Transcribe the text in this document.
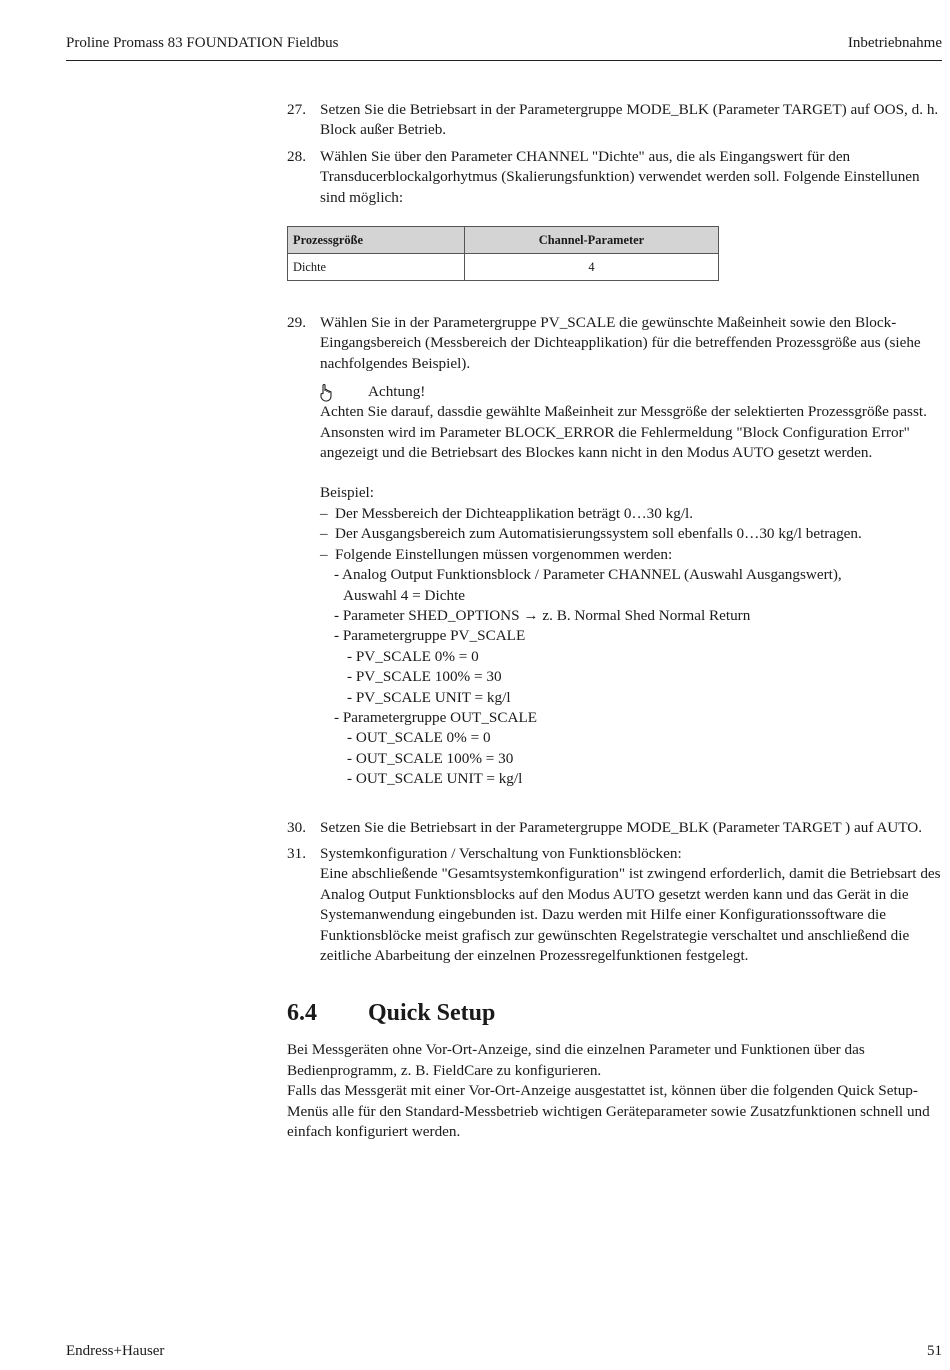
Proline Promass 83 FOUNDATION Fieldbus	Inbetriebnahme
27. Setzen Sie die Betriebsart in der Parametergruppe MODE_BLK (Parameter TARGET) auf OOS, d. h. Block außer Betrieb.

28. Wählen Sie über den Parameter CHANNEL "Dichte" aus, die als Eingangswert für den Transducerblockalgorhytmus (Skalierungsfunktion) verwendet werden soll. Folgende Einstellunen sind möglich:

Prozessgröße	Channel-Parameter
Dichte	4
29. Wählen Sie in der Parametergruppe PV_SCALE die gewünschte Maßeinheit sowie den Block-Eingangsbereich (Messbereich der Dichteapplikation) für die betreffenden Prozessgröße aus (siehe nachfolgendes Beispiel).

Achtung!

Achten Sie darauf, dassdie gewählte Maßeinheit zur Messgröße der selektierten Prozessgröße passt. Ansonsten wird im Parameter BLOCK_ERROR die Fehlermeldung "Block Configuration Error" angezeigt und die Betriebsart des Blockes kann nicht in den Modus AUTO gesetzt werden.

Beispiel:

– Der Messbereich der Dichteapplikation beträgt 0…30 kg/l.
– Der Ausgangsbereich zum Automatisierungssystem soll ebenfalls 0…30 kg/l betragen.
– Folgende Einstellungen müssen vorgenommen werden:
- Analog Output Funktionsblock / Parameter CHANNEL (Auswahl Ausgangswert),
Auswahl 4 = Dichte
- Parameter SHED_OPTIONS → z. B. Normal Shed Normal Return
- Parametergruppe PV_SCALE
- PV_SCALE 0% = 0
- PV_SCALE 100% = 30
- PV_SCALE UNIT = kg/l
- Parametergruppe OUT_SCALE
- OUT_SCALE 0% = 0
- OUT_SCALE 100% = 30
- OUT_SCALE UNIT = kg/l
30. Setzen Sie die Betriebsart in der Parametergruppe MODE_BLK (Parameter TARGET ) auf AUTO.

31. Systemkonfiguration / Verschaltung von Funktionsblöcken:

Eine abschließende "Gesamtsystemkonfiguration" ist zwingend erforderlich, damit die Betriebsart des Analog Output Funktionsblocks auf den Modus AUTO gesetzt werden kann und das Gerät in die Systemanwendung eingebunden ist. Dazu werden mit Hilfe einer Konfigurationssoftware die Funktionsblöcke meist grafisch zur gewünschten Regelstrategie verschaltet und anschließend die zeitliche Abarbeitung der einzelnen Prozessregelfunktionen festgelegt.

6.4 Quick Setup

Bei Messgeräten ohne Vor-Ort-Anzeige, sind die einzelnen Parameter und Funktionen über das Bedienprogramm, z. B. FieldCare zu konfigurieren.

Falls das Messgerät mit einer Vor-Ort-Anzeige ausgestattet ist, können über die folgenden Quick Setup-Menüs alle für den Standard-Messbetrieb wichtigen Geräteparameter sowie Zusatzfunktionen schnell und einfach konfiguriert werden.

Endress+Hauser	51
